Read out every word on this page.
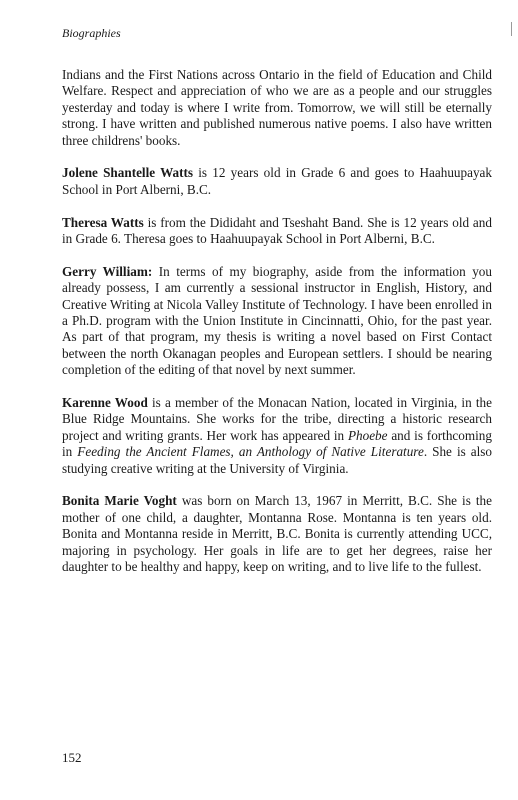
Biographies

Indians and the First Nations across Ontario in the field of Education and Child Welfare. Respect and appreciation of who we are as a people and our struggles yesterday and today is where I write from. Tomorrow, we will still be eternally strong. I have written and published numerous native poems. I also have written three childrens' books.

Jolene Shantelle Watts is 12 years old in Grade 6 and goes to Haahuupayak School in Port Alberni, B.C.

Theresa Watts is from the Dididaht and Tseshaht Band. She is 12 years old and in Grade 6. Theresa goes to Haahuupayak School in Port Alberni, B.C.

Gerry William: In terms of my biography, aside from the information you already possess, I am currently a sessional instructor in English, History, and Creative Writing at Nicola Valley Institute of Technology. I have been enrolled in a Ph.D. program with the Union Institute in Cincinnatti, Ohio, for the past year. As part of that program, my thesis is writing a novel based on First Contact between the north Okanagan peoples and European settlers. I should be nearing completion of the editing of that novel by next summer.

Karenne Wood is a member of the Monacan Nation, located in Virginia, in the Blue Ridge Mountains. She works for the tribe, directing a historic research project and writing grants. Her work has appeared in Phoebe and is forthcoming in Feeding the Ancient Flames, an Anthology of Native Literature. She is also studying creative writing at the University of Virginia.

Bonita Marie Voght was born on March 13, 1967 in Merritt, B.C. She is the mother of one child, a daughter, Montanna Rose. Montanna is ten years old. Bonita and Montanna reside in Merritt, B.C. Bonita is currently attending UCC, majoring in psychology. Her goals in life are to get her degrees, raise her daughter to be healthy and happy, keep on writing, and to live life to the fullest.

152
